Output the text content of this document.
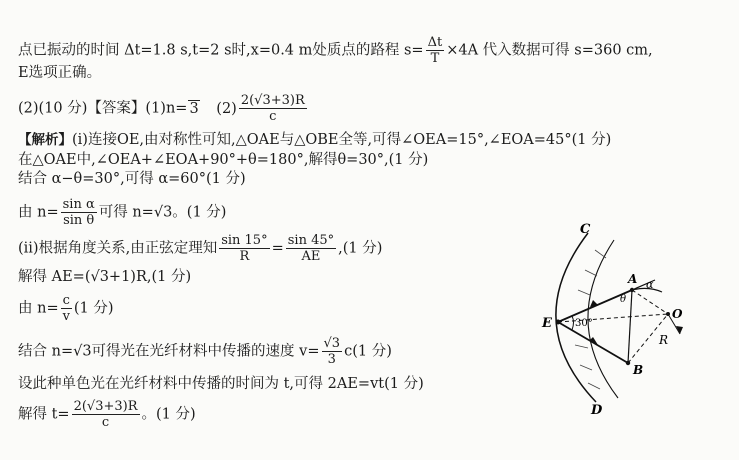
点已振动的时间 Δt=1.8 s,t=2 s时,x=0.4 m处质点的路程 $s= \frac{\Delta t}{T} \times 4A$ 代入数据可得 s=360 cm,
E选项正确。
(2)(10 分)【答案】(1)n= 3 $(2) \frac{2(√3+3)R}{c}$
【解析】(i)连接OE,由对称性可知,△OAE与△OBE全等,可得∠OEA=15°,∠EOA=45°(1 分)
在△OAE中,∠OEA+∠EOA+90°+θ=180°,解得θ=30°,(1 分)
结合 α−θ=30°,可得 α=60°(1 分)
由 $n= \frac{\text{sin α}}{\text{sin θ}}$ 可得 n=√3。(1 分)
(ii)根据角度关系,由正弦定理知 $\frac{\sin 15^\circ}{R} = \frac{\sin 45^\circ}{AE} ,(1$ 分)
解得 AE=(√3+1)R,(1 分)
由 $n= \frac{c}{v} (1$ 分)
结合 n=√3可得光在光纤材料中传播的速度 $v= \frac{√3}{3} c(1$ 分)
设此种单色光在光纤材料中传播的时间为 t,可得 2AE=vt(1 分)
解得 $t= \frac{2(√3+3)R}{c}$ 。(1 分)
C
A α
θ
E 30°
O
R
B
D
